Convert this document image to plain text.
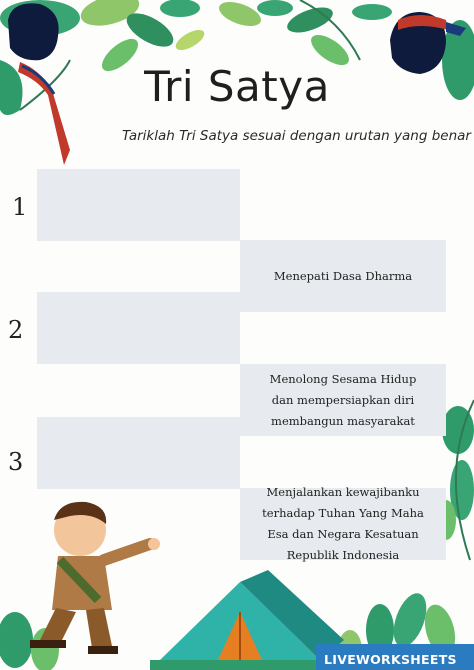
Tri Satya
Tariklah Tri Satya sesuai dengan urutan yang benar
1
2
3
Menepati Dasa Dharma
Menolong Sesama Hidup dan mempersiapkan diri membangun masyarakat
Menjalankan kewajibanku terhadap Tuhan Yang Maha Esa dan Negara Kesatuan Republik Indonesia
LIVEWORKSHEETS
